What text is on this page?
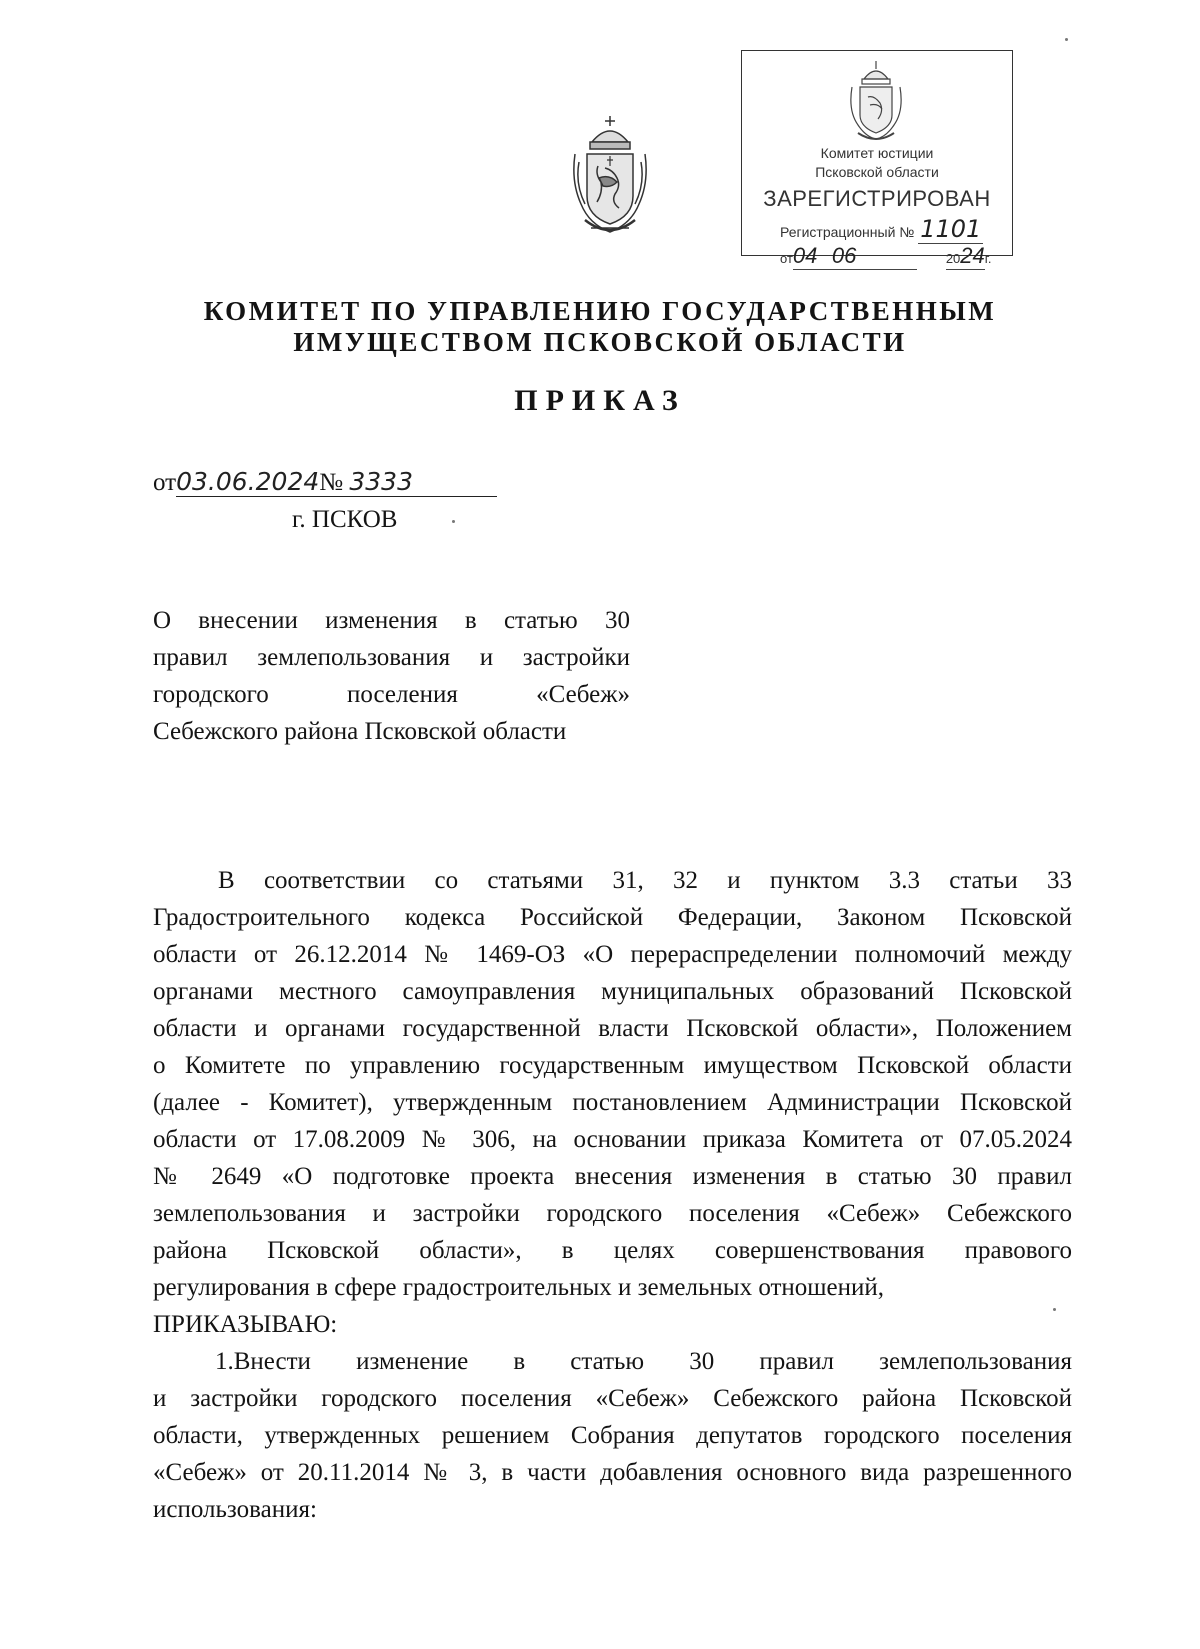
Комитет юстиции
Псковской области
ЗАРЕГИСТРИРОВАН
Регистрационный № 1101
от04 06	2024г.
КОМИТЕТ ПО УПРАВЛЕНИЮ ГОСУДАРСТВЕННЫМ
ИМУЩЕСТВОМ ПСКОВСКОЙ ОБЛАСТИ
ПРИКАЗ
от03.06.2024№ 3333
г. ПСКОВ
О внесении изменения в статью 30
правил землепользования и застройки
городского поселения «Себеж»
Себежского района Псковской области
В соответствии со статьями 31, 32 и пунктом 3.3 статьи 33
Градостроительного кодекса Российской Федерации, Законом Псковской
области от 26.12.2014 № 1469-ОЗ «О перераспределении полномочий между
органами местного самоуправления муниципальных образований Псковской
области и органами государственной власти Псковской области», Положением
о Комитете по управлению государственным имуществом Псковской области
(далее - Комитет), утвержденным постановлением Администрации Псковской
области от 17.08.2009 № 306, на основании приказа Комитета от 07.05.2024
№ 2649 «О подготовке проекта внесения изменения в статью 30 правил
землепользования и застройки городского поселения «Себеж» Себежского
района Псковской области», в целях совершенствования правового
регулирования в сфере градостроительных и земельных отношений,
ПРИКАЗЫВАЮ:
1.Внести изменение в статью 30 правил землепользования
и застройки городского поселения «Себеж» Себежского района Псковской
области, утвержденных решением Собрания депутатов городского поселения
«Себеж» от 20.11.2014 № 3, в части добавления основного вида разрешенного
использования:
